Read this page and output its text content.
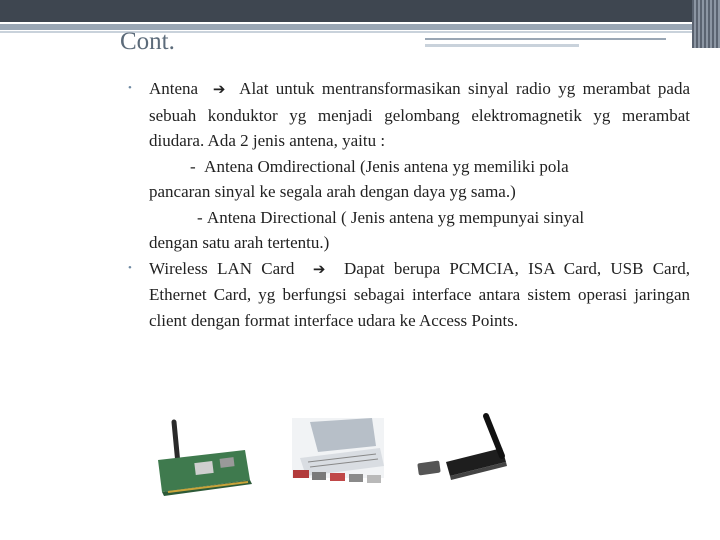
Cont.
• Antena ➔ Alat untuk mentransformasikan sinyal radio yg merambat pada sebuah konduktor yg menjadi gelombang elektromagnetik yg merambat diudara. Ada 2 jenis antena, yaitu :
- Antena Omdirectional (Jenis antena yg memiliki pola
pancaran sinyal ke segala arah dengan daya yg sama.)
- Antena Directional ( Jenis antena yg mempunyai sinyal
dengan satu arah tertentu.)
• Wireless LAN Card ➔ Dapat berupa PCMCIA, ISA Card, USB Card, Ethernet Card, yg berfungsi sebagai interface antara sistem operasi jaringan client dengan format interface udara ke Access Points.
